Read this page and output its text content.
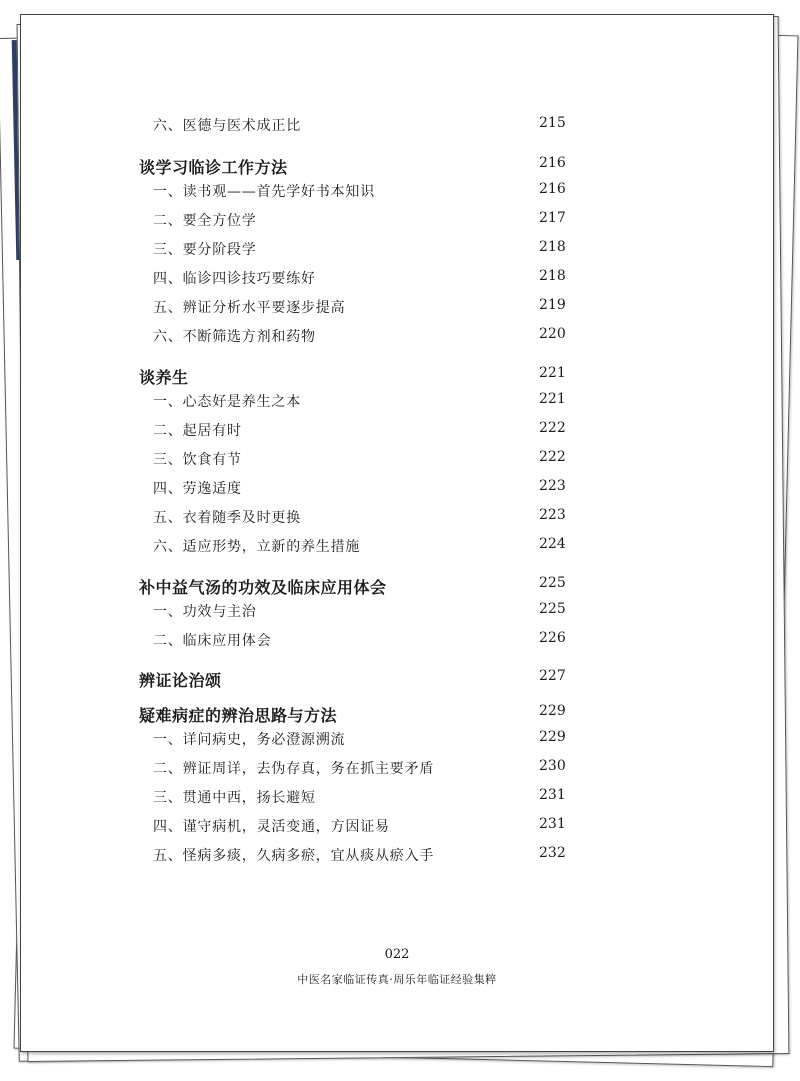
六、医德与医术成正比	215
谈学习临诊工作方法	216
一、读书观——首先学好书本知识	216
二、要全方位学	217
三、要分阶段学	218
四、临诊四诊技巧要练好	218
五、辨证分析水平要逐步提高	219
六、不断筛选方剂和药物	220
谈养生	221
一、心态好是养生之本	221
二、起居有时	222
三、饮食有节	222
四、劳逸适度	223
五、衣着随季及时更换	223
六、适应形势，立新的养生措施	224
补中益气汤的功效及临床应用体会	225
一、功效与主治	225
二、临床应用体会	226
辨证论治颂	227
疑难病症的辨治思路与方法	229
一、详问病史，务必澄源溯流	229
二、辨证周详，去伪存真，务在抓主要矛盾	230
三、贯通中西，扬长避短	231
四、谨守病机，灵活变通，方因证易	231
五、怪病多痰，久病多瘀，宜从痰从瘀入手	232
022
中医名家临证传真·周乐年临证经验集粹
